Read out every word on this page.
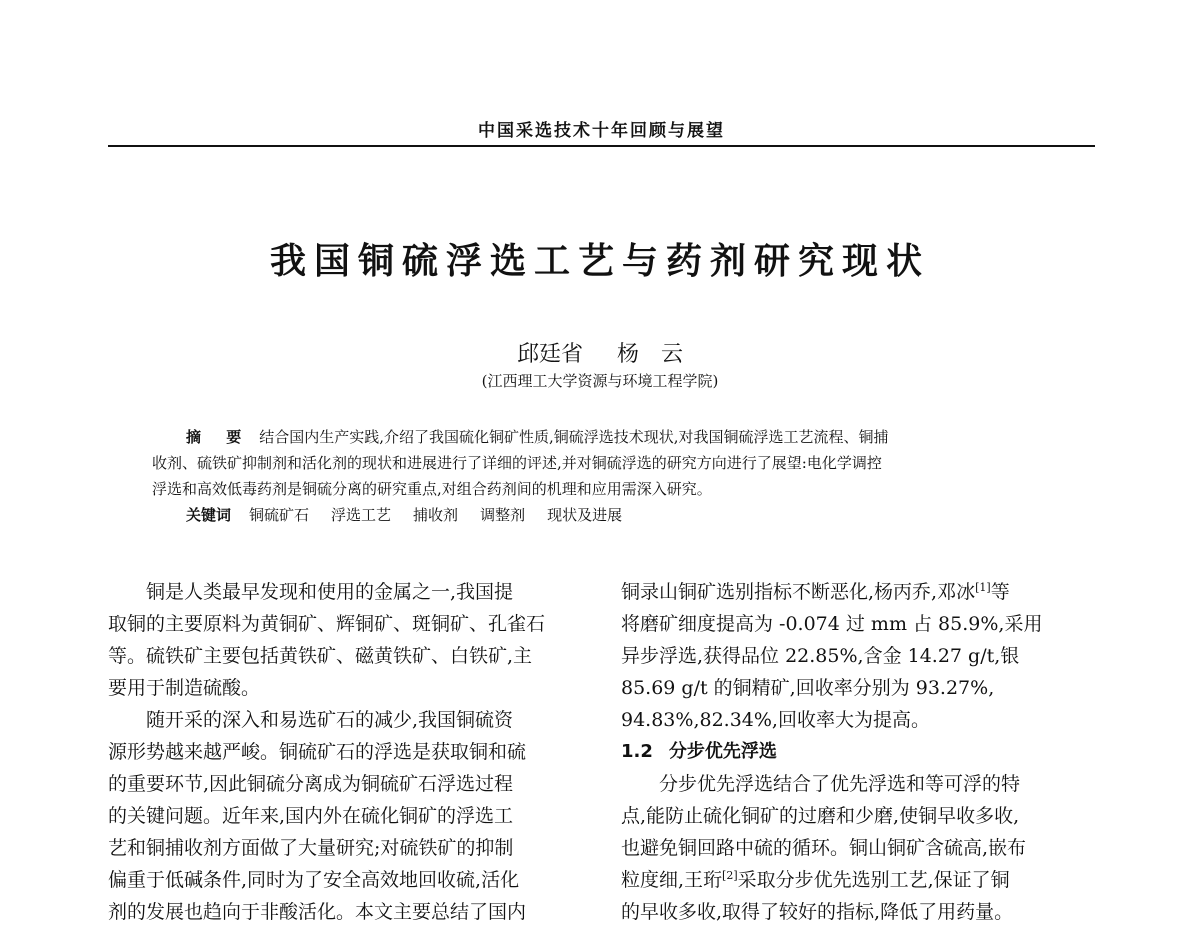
中国采选技术十年回顾与展望
我国铜硫浮选工艺与药剂研究现状
邱廷省 杨　云
(江西理工大学资源与环境工程学院)

摘 要 结合国内生产实践,介绍了我国硫化铜矿性质,铜硫浮选技术现状,对我国铜硫浮选工艺流程、铜捕

收剂、硫铁矿抑制剂和活化剂的现状和进展进行了详细的评述,并对铜硫浮选的研究方向进行了展望:电化学调控

浮选和高效低毒药剂是铜硫分离的研究重点,对组合药剂间的机理和应用需深入研究。

关键词 铜硫矿石 浮选工艺 捕收剂 调整剂 现状及进展

　　铜是人类最早发现和使用的金属之一,我国提

取铜的主要原料为黄铜矿、辉铜矿、斑铜矿、孔雀石

等。硫铁矿主要包括黄铁矿、磁黄铁矿、白铁矿,主

要用于制造硫酸。

　　随开采的深入和易选矿石的减少,我国铜硫资

源形势越来越严峻。铜硫矿石的浮选是获取铜和硫

的重要环节,因此铜硫分离成为铜硫矿石浮选过程

的关键问题。近年来,国内外在硫化铜矿的浮选工

艺和铜捕收剂方面做了大量研究;对硫铁矿的抑制

偏重于低碱条件,同时为了安全高效地回收硫,活化

剂的发展也趋向于非酸活化。本文主要总结了国内

铜录山铜矿选别指标不断恶化,杨丙乔,邓冰[1]等

将磨矿细度提高为 -0.074 过 mm 占 85.9%,采用

异步浮选,获得品位 22.85%,含金 14.27 g/t,银

85.69 g/t 的铜精矿,回收率分别为 93.27%,

94.83%,82.34%,回收率大为提高。

1.2 分步优先浮选

　　分步优先浮选结合了优先浮选和等可浮的特

点,能防止硫化铜矿的过磨和少磨,使铜早收多收,

也避免铜回路中硫的循环。铜山铜矿含硫高,嵌布

粒度细,王珩[2]采取分步优先选别工艺,保证了铜

的早收多收,取得了较好的指标,降低了用药量。
